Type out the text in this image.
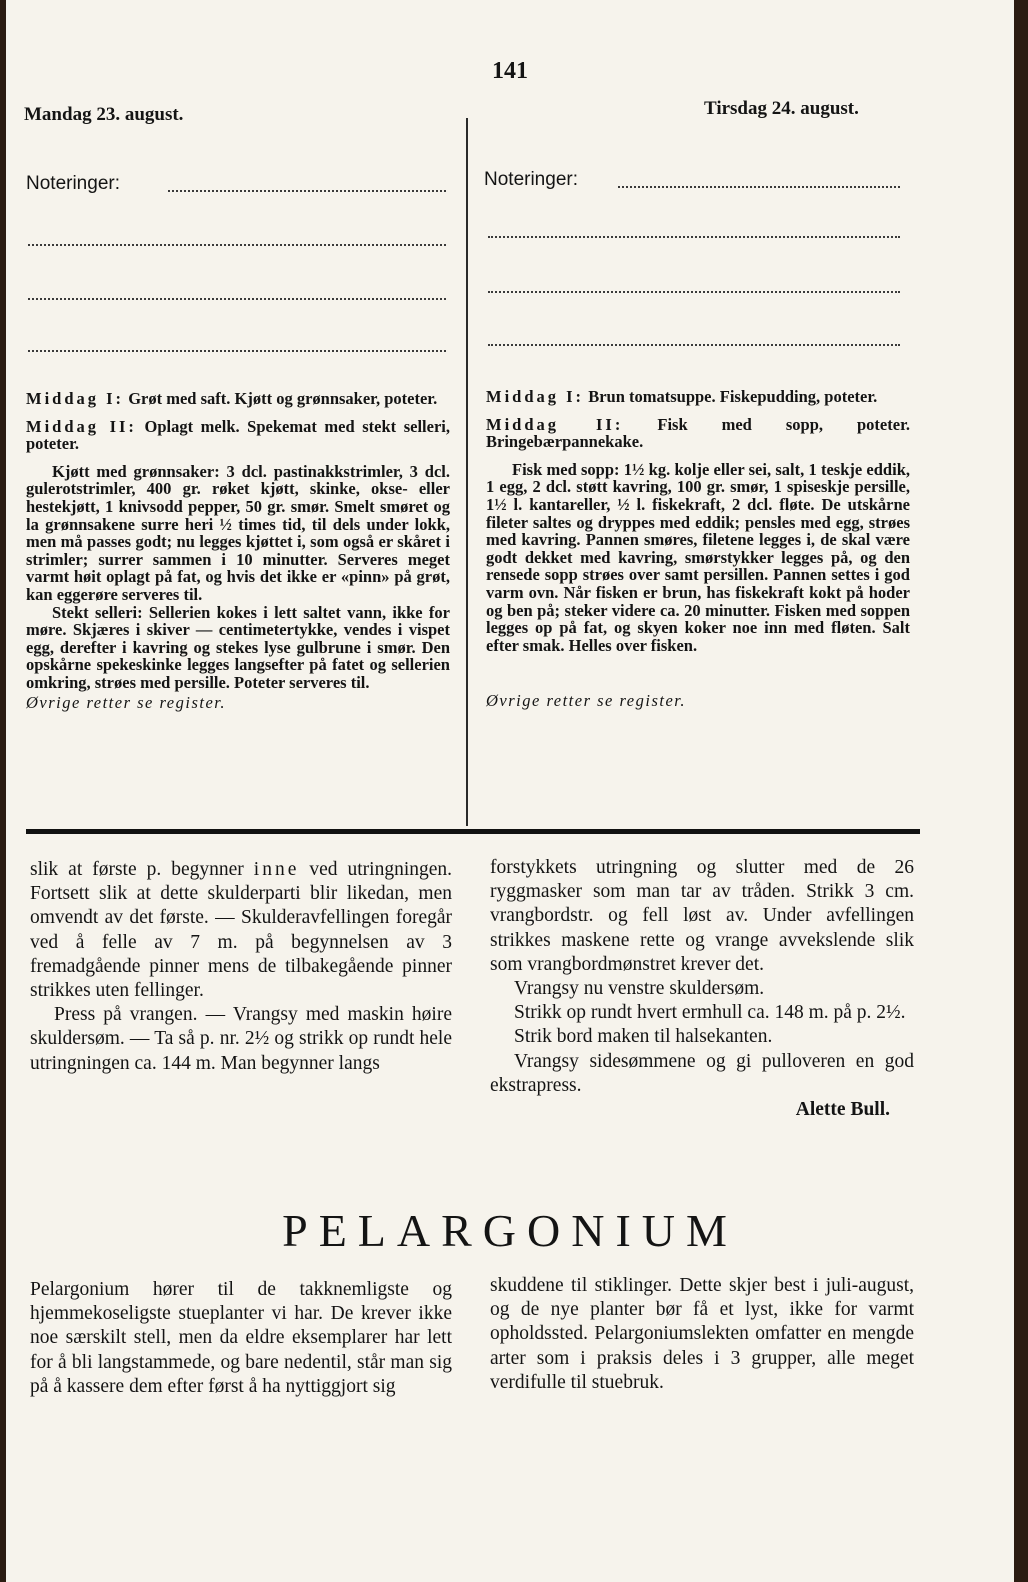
141
Mandag 23. august.	Tirsdag 24. august.
Noteringer:	Noteringer:

Middag I: Grøt med saft. Kjøtt og grønnsaker, poteter.

Middag II: Oplagt melk. Spekemat med stekt selleri, poteter.

Kjøtt med grønnsaker: 3 dcl. pastinakkstrimler, 3 dcl. gulerotstrimler, 400 gr. røket kjøtt, skinke, okse- eller hestekjøtt, 1 knivsodd pepper, 50 gr. smør. Smelt smøret og la grønnsakene surre heri ½ times tid, til dels under lokk, men må passes godt; nu legges kjøttet i, som også er skåret i strimler; surrer sammen i 10 minutter. Serveres meget varmt høit oplagt på fat, og hvis det ikke er «pinn» på grøt, kan eggerøre serveres til.

Stekt selleri: Sellerien kokes i lett saltet vann, ikke for møre. Skjæres i skiver — centimetertykke, vendes i vispet egg, derefter i kavring og stekes lyse gulbrune i smør. Den opskårne spekeskinke legges langsefter på fatet og sellerien omkring, strøes med persille. Poteter serveres til.

Øvrige retter se register.

Middag I: Brun tomatsuppe. Fiskepudding, poteter.

Middag II: Fisk med sopp, poteter. Bringebærpannekake.

Fisk med sopp: 1½ kg. kolje eller sei, salt, 1 teskje eddik, 1 egg, 2 dcl. støtt kavring, 100 gr. smør, 1 spiseskje persille, 1½ l. kantareller, ½ l. fiskekraft, 2 dcl. fløte. De utskårne fileter saltes og dryppes med eddik; pensles med egg, strøes med kavring. Pannen smøres, filetene legges i, de skal være godt dekket med kavring, smørstykker legges på, og den rensede sopp strøes over samt persillen. Pannen settes i god varm ovn. Når fisken er brun, has fiskekraft kokt på hoder og ben på; steker videre ca. 20 minutter. Fisken med soppen legges op på fat, og skyen koker noe inn med fløten. Salt efter smak. Helles over fisken.

Øvrige retter se register.

slik at første p. begynner inne ved utringningen. Fortsett slik at dette skulderparti blir likedan, men omvendt av det første. — Skulderavfellingen foregår ved å felle av 7 m. på begynnelsen av 3 fremadgående pinner mens de tilbakegående pinner strikkes uten fellinger.

Press på vrangen. — Vrangsy med maskin høire skuldersøm. — Ta så p. nr. 2½ og strikk op rundt hele utringningen ca. 144 m. Man begynner langs

forstykkets utringning og slutter med de 26 ryggmasker som man tar av tråden. Strikk 3 cm. vrangbordstr. og fell løst av. Under avfellingen strikkes maskene rette og vrange avvekslende slik som vrangbordmønstret krever det.

Vrangsy nu venstre skuldersøm.

Strikk op rundt hvert ermhull ca. 148 m. på p. 2½.

Strik bord maken til halsekanten.

Vrangsy sidesømmene og gi pulloveren en god ekstrapress.

Alette Bull.

PELARGONIUM

Pelargonium hører til de takknemligste og hjemmekoseligste stueplanter vi har. De krever ikke noe særskilt stell, men da eldre eksemplarer har lett for å bli langstammede, og bare nedentil, står man sig på å kassere dem efter først å ha nyttiggjort sig

skuddene til stiklinger. Dette skjer best i juli-august, og de nye planter bør få et lyst, ikke for varmt opholdssted. Pelargoniumslekten omfatter en mengde arter som i praksis deles i 3 grupper, alle meget verdifulle til stuebruk.
